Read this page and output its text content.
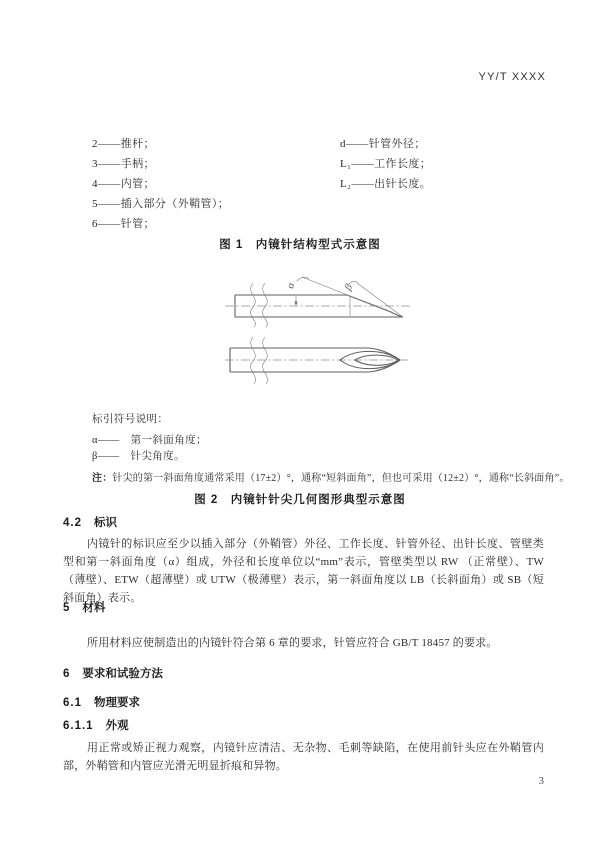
YY/T XXXX
2——推杆；
3——手柄；
4——内管；
5——插入部分（外鞘管）；
6——针管；
d——针管外径；
L₁——工作长度；
L₂——出针长度。
图 1　内镜针结构型式示意图
α β
标引符号说明：
α——　第一斜面角度；
β——　针尖角度。
注：针尖的第一斜面角度通常采用（17±2）°，通称“短斜面角”，但也可采用（12±2）°，通称“长斜面角”。
图 2　内镜针针尖几何图形典型示意图
4.2 标识

内镜针的标识应至少以插入部分（外鞘管）外径、工作长度、针管外径、出针长度、管壁类型和第一斜面角度（α）组成，外径和长度单位以“mm”表示，管壁类型以 RW （正常壁）、TW（薄壁）、ETW（超薄壁）或 UTW（极薄壁）表示，第一斜面角度以 LB（长斜面角）或 SB（短斜面角）表示。

5 材料

所用材料应使制造出的内镜针符合第 6 章的要求，针管应符合 GB/T 18457 的要求。

6 要求和试验方法
6.1 物理要求
6.1.1 外观

用正常或矫正视力观察，内镜针应清洁、无杂物、毛刺等缺陷，在使用前针头应在外鞘管内部，外鞘管和内管应光滑无明显折痕和异物。

3
